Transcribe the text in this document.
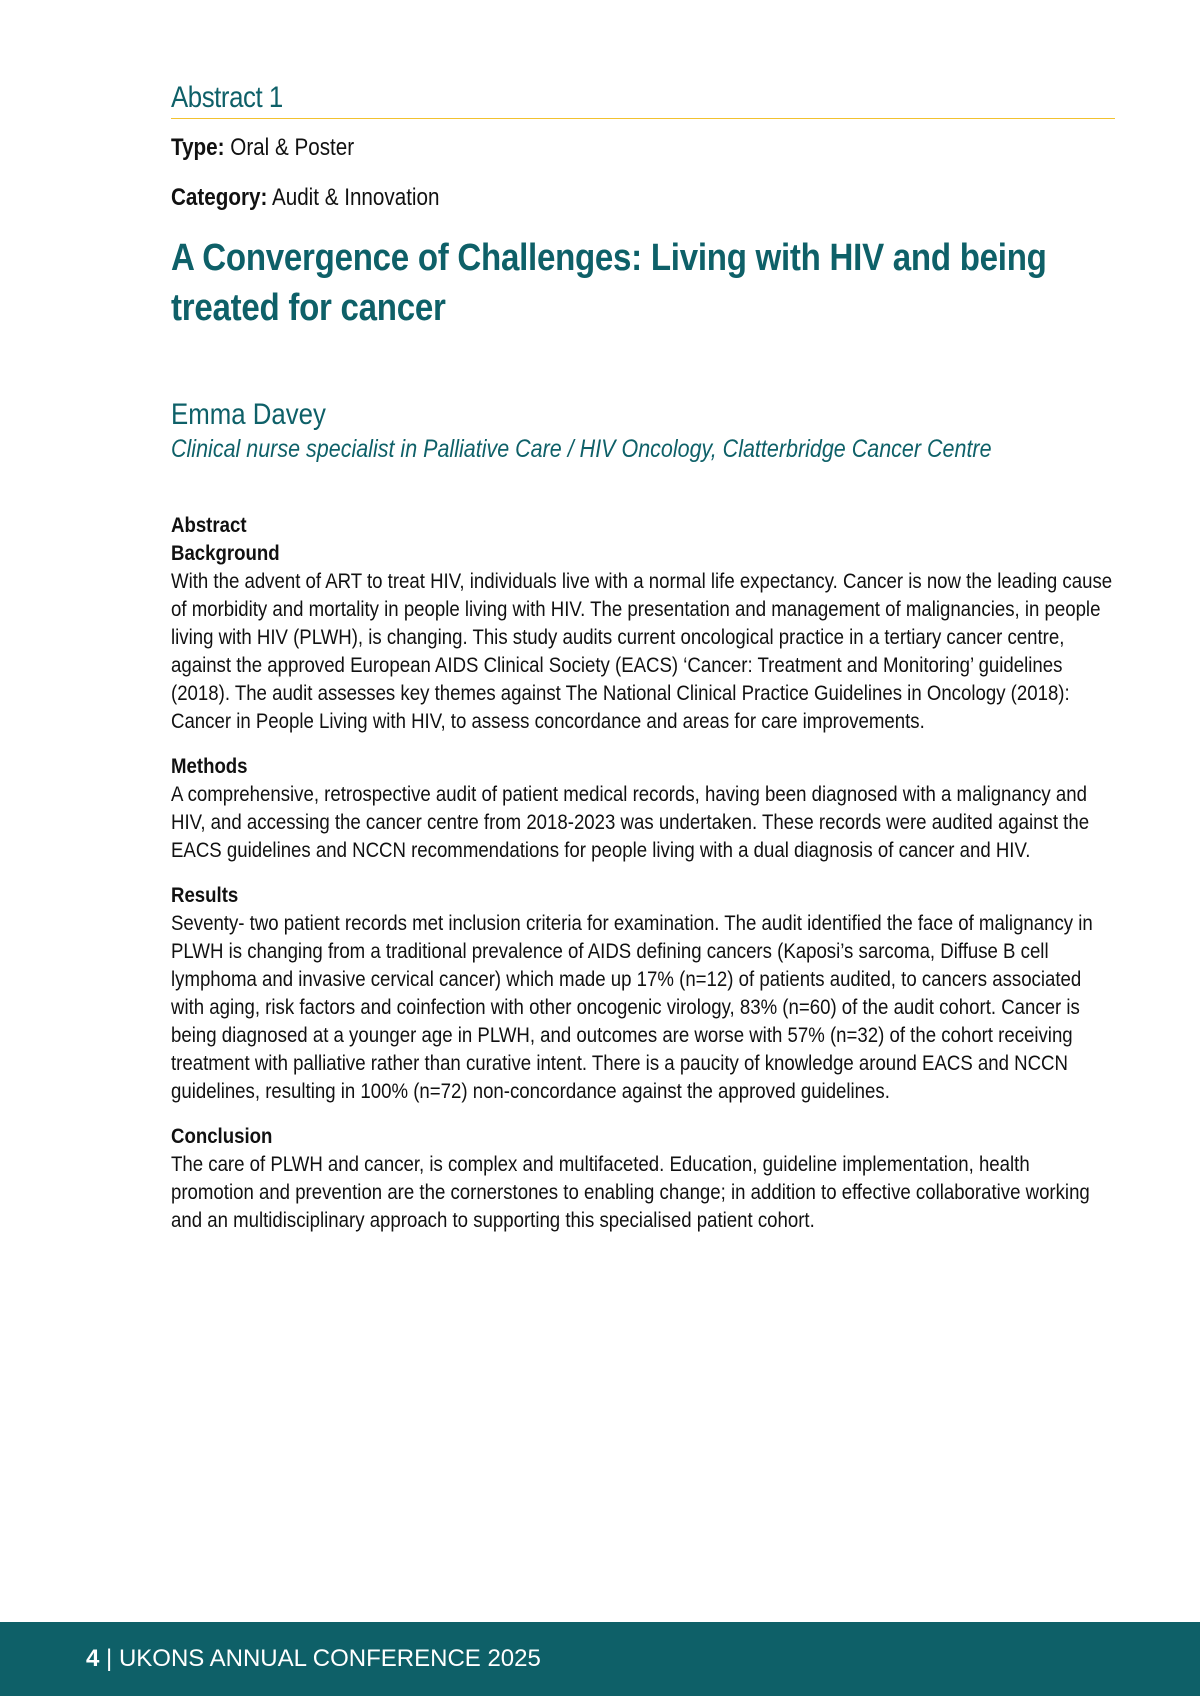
Abstract 1
Type: Oral & Poster
Category: Audit & Innovation
A Convergence of Challenges: Living with HIV and being treated for cancer
Emma Davey
Clinical nurse specialist in Palliative Care / HIV Oncology, Clatterbridge Cancer Centre
Abstract
Background

With the advent of ART to treat HIV, individuals live with a normal life expectancy. Cancer is now the leading cause of morbidity and mortality in people living with HIV. The presentation and management of malignancies, in people living with HIV (PLWH), is changing. This study audits current oncological practice in a tertiary cancer centre, against the approved European AIDS Clinical Society (EACS) ‘Cancer: Treatment and Monitoring’ guidelines (2018). The audit assesses key themes against The National Clinical Practice Guidelines in Oncology (2018): Cancer in People Living with HIV, to assess concordance and areas for care improvements.

Methods

A comprehensive, retrospective audit of patient medical records, having been diagnosed with a malignancy and HIV, and accessing the cancer centre from 2018-2023 was undertaken. These records were audited against the EACS guidelines and NCCN recommendations for people living with a dual diagnosis of cancer and HIV.

Results

Seventy- two patient records met inclusion criteria for examination. The audit identified the face of malignancy in PLWH is changing from a traditional prevalence of AIDS defining cancers (Kaposi’s sarcoma, Diffuse B cell lymphoma and invasive cervical cancer) which made up 17% (n=12) of patients audited, to cancers associated with aging, risk factors and coinfection with other oncogenic virology, 83% (n=60) of the audit cohort. Cancer is being diagnosed at a younger age in PLWH, and outcomes are worse with 57% (n=32) of the cohort receiving treatment with palliative rather than curative intent. There is a paucity of knowledge around EACS and NCCN guidelines, resulting in 100% (n=72) non-concordance against the approved guidelines.

Conclusion

The care of PLWH and cancer, is complex and multifaceted. Education, guideline implementation, health promotion and prevention are the cornerstones to enabling change; in addition to effective collaborative working and an multidisciplinary approach to supporting this specialised patient cohort.

4 | UKONS ANNUAL CONFERENCE 2025
